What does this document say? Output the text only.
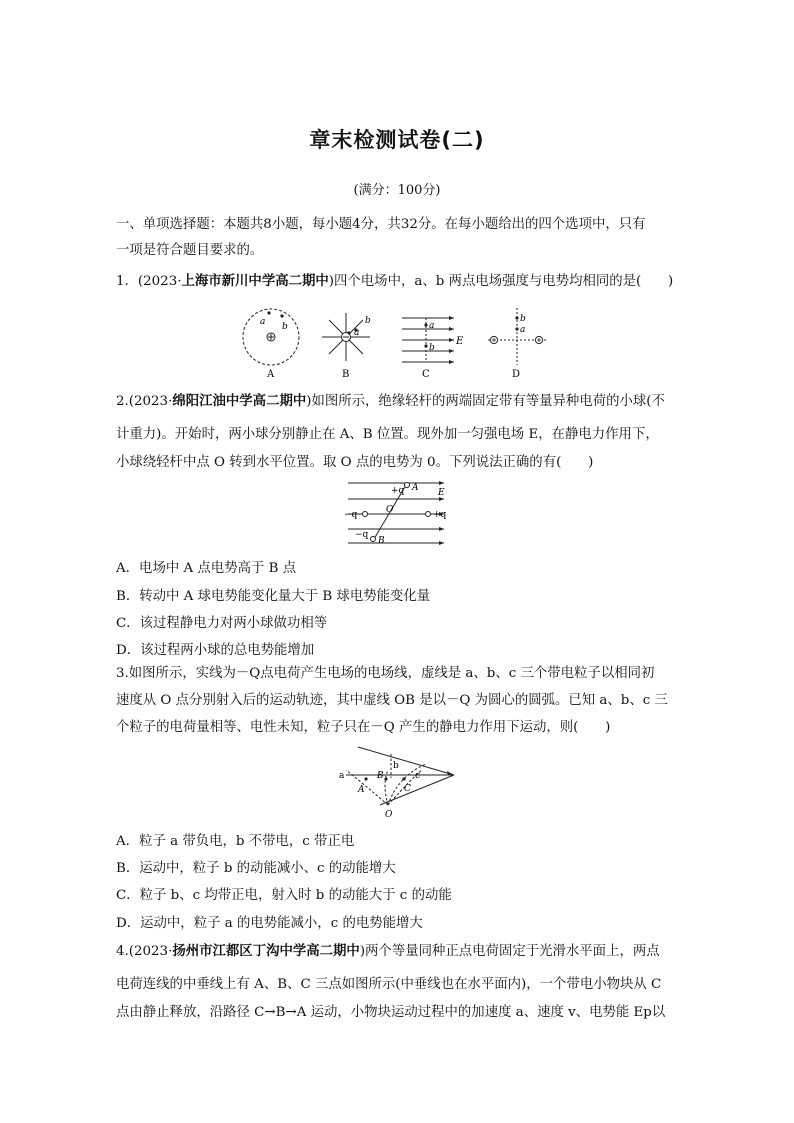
章末检测试卷(二)
(满分：100分)
一、单项选择题：本题共8小题，每小题4分，共32分。在每小题给出的四个选项中，只有
一项是符合题目要求的。
1．(2023·上海市新川中学高二期中)四个电场中，a、b 两点电场强度与电势均相同的是(　　)
a b
A
b
a
B
a
b
E
C
b
a
D
2.(2023·绵阳江油中学高二期中)如图所示，绝缘轻杆的两端固定带有等量异种电荷的小球(不
计重力)。开始时，两小球分别静止在 A、B 位置。现外加一匀强电场 E，在静电力作用下，
小球绕轻杆中点 O 转到水平位置。取 O 点的电势为 0。下列说法正确的有(　　)
+q A E
−q	O	+q
−q
B
A．电场中 A 点电势高于 B 点
B．转动中 A 球电势能变化量大于 B 球电势能变化量
C．该过程静电力对两小球做功相等
D．该过程两小球的总电势能增加
3.如图所示，实线为－Q点电荷产生电场的电场线，虚线是 a、b、c 三个带电粒子以相同初
速度从 O 点分别射入后的运动轨迹，其中虚线 OB 是以－Q 为圆心的圆弧。已知 a、b、c 三
个粒子的电荷量相等、电性未知，粒子只在－Q 产生的静电力作用下运动，则(　　)
a
b
c
A
B
C
O
A．粒子 a 带负电，b 不带电，c 带正电
B．运动中，粒子 b 的动能减小、c 的动能增大
C．粒子 b、c 均带正电，射入时 b 的动能大于 c 的动能
D．运动中，粒子 a 的电势能减小，c 的电势能增大
4.(2023·扬州市江都区丁沟中学高二期中)两个等量同种正点电荷固定于光滑水平面上，两点
电荷连线的中垂线上有 A、B、C 三点如图所示(中垂线也在水平面内)，一个带电小物块从 C
点由静止释放，沿路径 C→B→A 运动，小物块运动过程中的加速度 a、速度 v、电势能 Ep以
